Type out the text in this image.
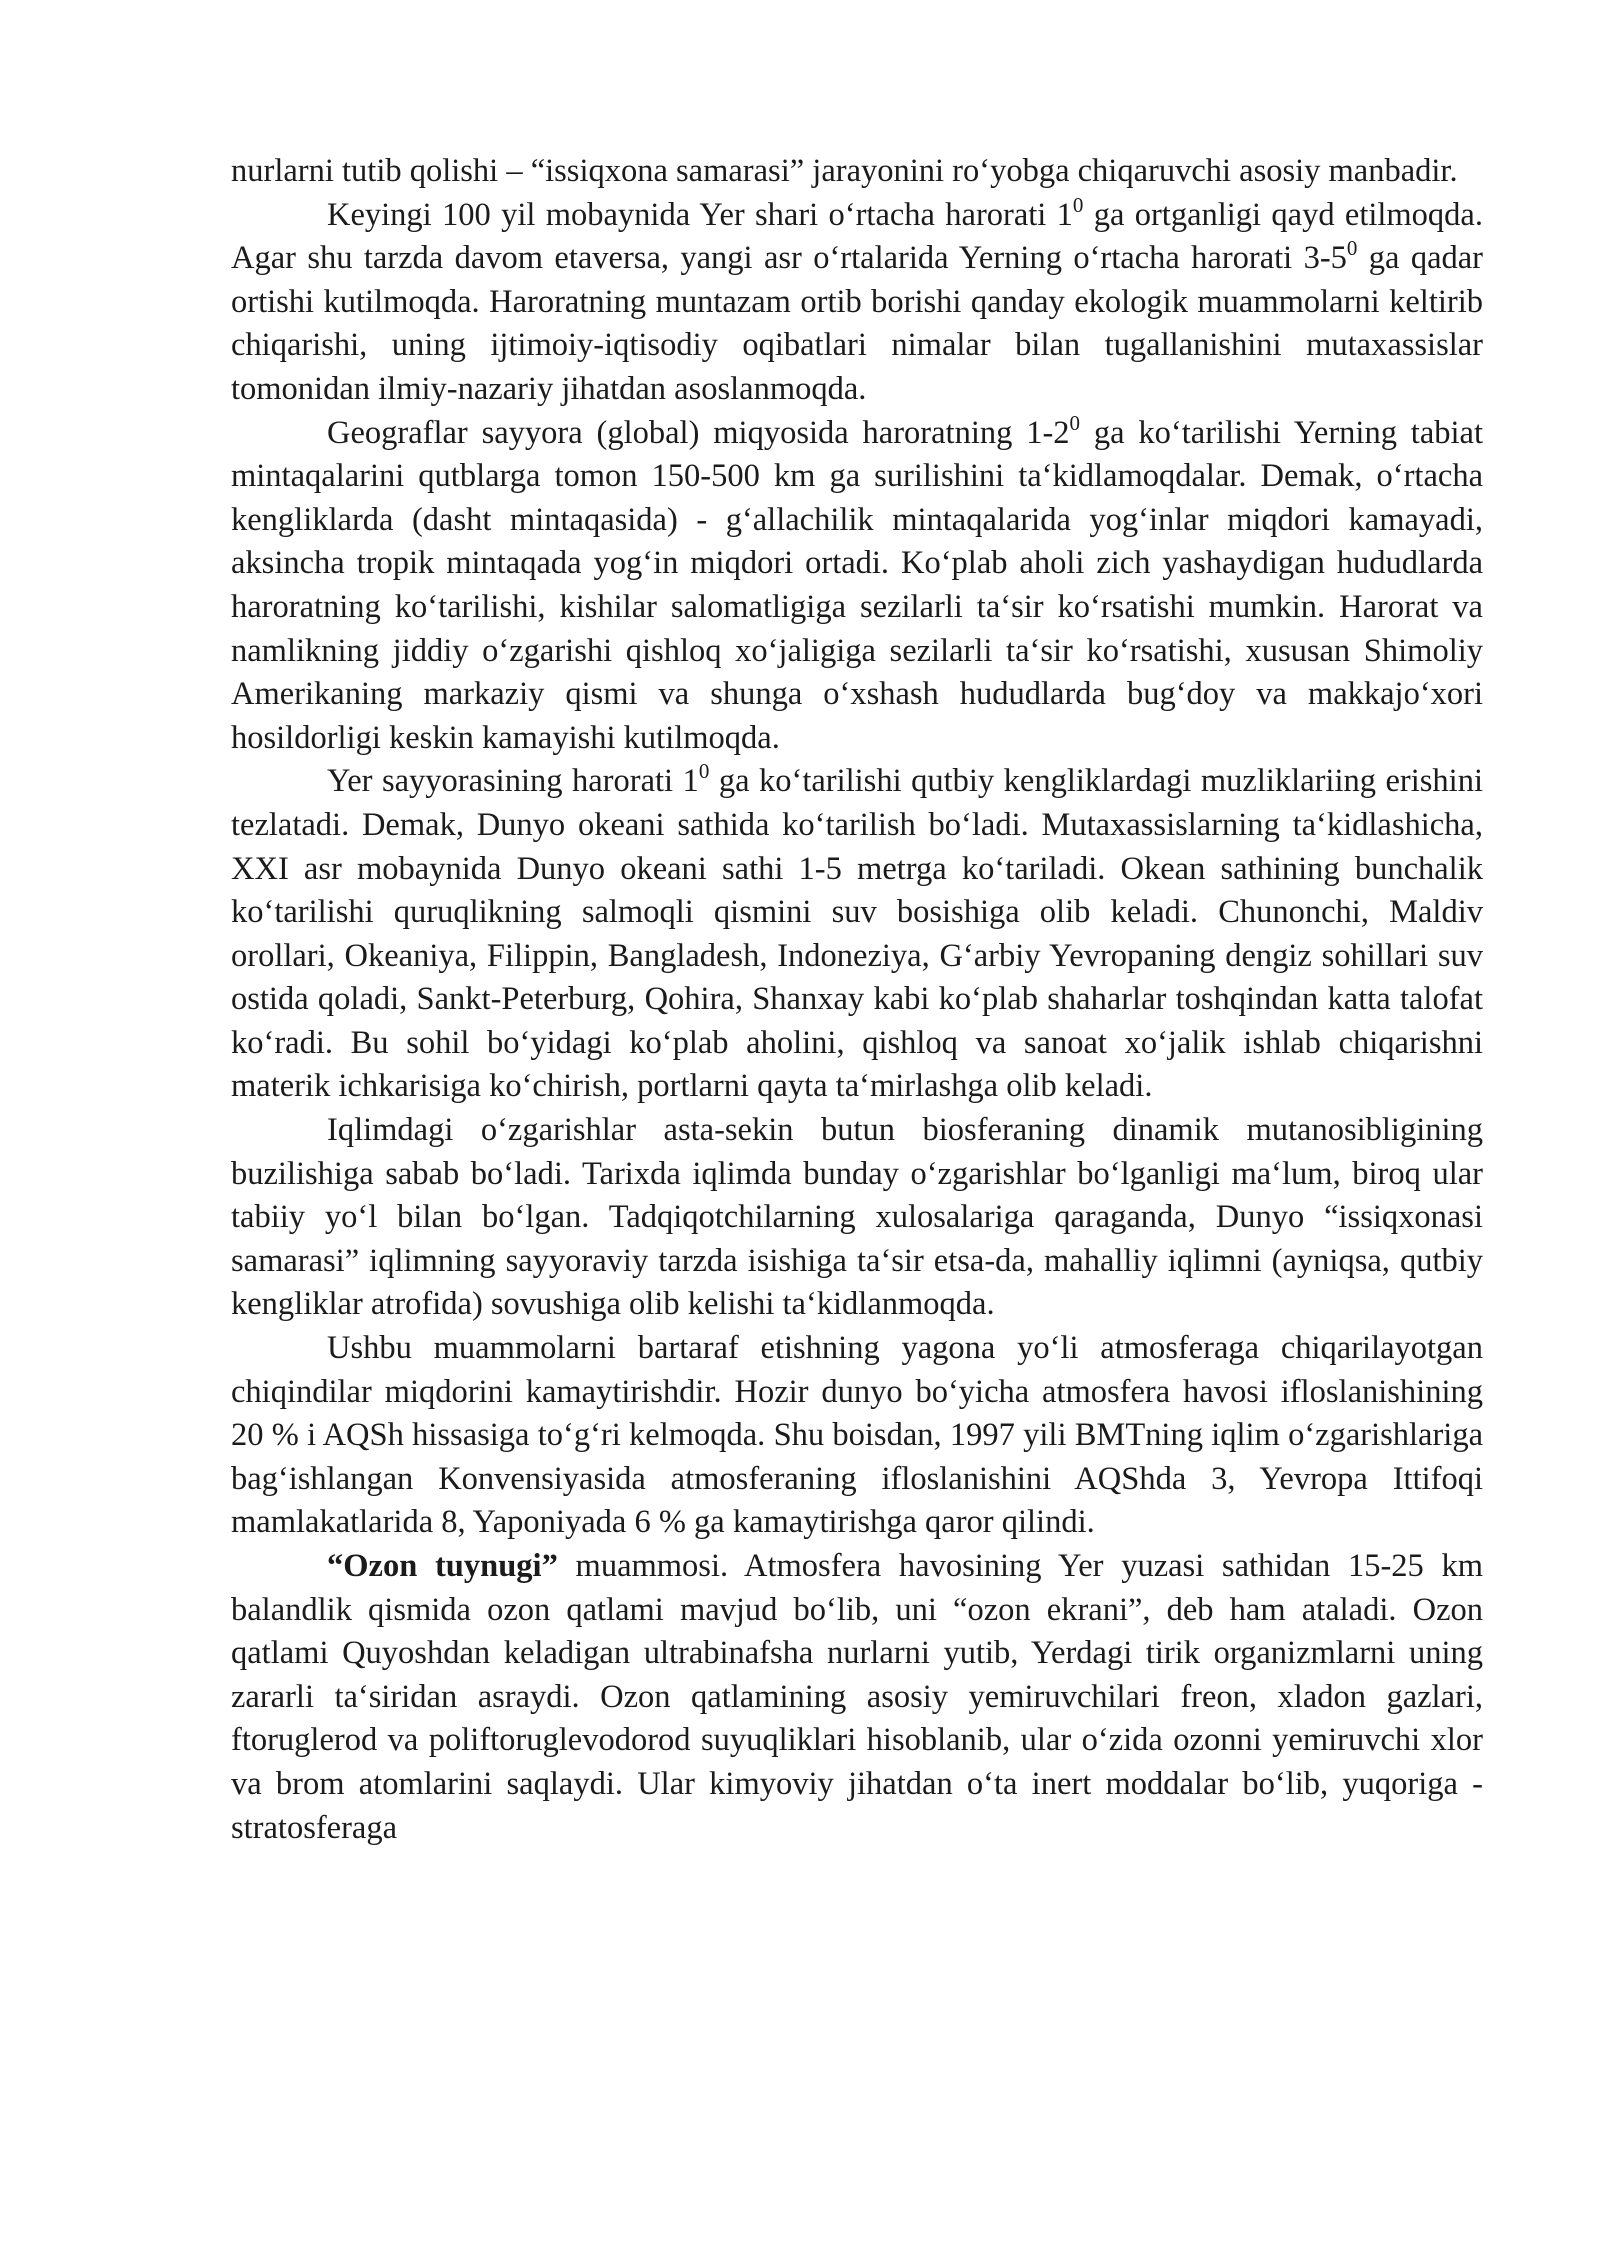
nurlarni tutib qolishi – “issiqxona samarasi” jarayonini ro‘yobga chiqaruvchi asosiy manbadir.

Keyingi 100 yil mobaynida Yer shari o‘rtacha harorati $1^0$ ga ortganligi qayd etilmoqda. Agar shu tarzda davom etaversa, yangi asr o‘rtalarida Yerning o‘rtacha harorati $3-5^0$ ga qadar ortishi kutilmoqda. Haroratning muntazam ortib borishi qanday ekologik muammolarni keltirib chiqarishi, uning ijtimoiy-iqtisodiy oqibatlari nimalar bilan tugallanishini mutaxassislar tomonidan ilmiy-nazariy jihatdan asoslanmoqda.

Geograflar sayyora (global) miqyosida haroratning $1-2^0$ ga ko‘tarilishi Yerning tabiat mintaqalarini qutblarga tomon 150-500 km ga surilishini ta‘kidlamoqdalar. Demak, o‘rtacha kengliklarda (dasht mintaqasida) - g‘allachilik mintaqalarida yog‘inlar miqdori kamayadi, aksincha tropik mintaqada yog‘in miqdori ortadi. Ko‘plab aholi zich yashaydigan hududlarda haroratning ko‘tarilishi, kishilar salomatligiga sezilarli ta‘sir ko‘rsatishi mumkin. Harorat va namlikning jiddiy o‘zgarishi qishloq xo‘jaligiga sezilarli ta‘sir ko‘rsatishi, xususan Shimoliy Amerikaning markaziy qismi va shunga o‘xshash hududlarda bug‘doy va makkajo‘xori hosildorligi keskin kamayishi kutilmoqda.

Yer sayyorasining harorati $1^0$ ga ko‘tarilishi qutbiy kengliklardagi muzliklariing erishini tezlatadi. Demak, Dunyo okeani sathida ko‘tarilish bo‘ladi. Mutaxassislarning ta‘kidlashicha, XXI asr mobaynida Dunyo okeani sathi 1-5 metrga ko‘tariladi. Okean sathining bunchalik ko‘tarilishi quruqlikning salmoqli qismini suv bosishiga olib keladi. Chunonchi, Maldiv orollari, Okeaniya, Filippin, Bangladesh, Indoneziya, G‘arbiy Yevropaning dengiz sohillari suv ostida qoladi, Sankt-Peterburg, Qohira, Shanxay kabi ko‘plab shaharlar toshqindan katta talofat ko‘radi. Bu sohil bo‘yidagi ko‘plab aholini, qishloq va sanoat xo‘jalik ishlab chiqarishni materik ichkarisiga ko‘chirish, portlarni qayta ta‘mirlashga olib keladi.

Iqlimdagi o‘zgarishlar asta-sekin butun biosferaning dinamik mutanosibligining buzilishiga sabab bo‘ladi. Tarixda iqlimda bunday o‘zgarishlar bo‘lganligi ma‘lum, biroq ular tabiiy yo‘l bilan bo‘lgan. Tadqiqotchilarning xulosalariga qaraganda, Dunyo “issiqxonasi samarasi” iqlimning sayyoraviy tarzda isishiga ta‘sir etsa-da, mahalliy iqlimni (ayniqsa, qutbiy kengliklar atrofida) sovushiga olib kelishi ta‘kidlanmoqda.

Ushbu muammolarni bartaraf etishning yagona yo‘li atmosferaga chiqarilayotgan chiqindilar miqdorini kamaytirishdir. Hozir dunyo bo‘yicha atmosfera havosi ifloslanishining 20 % i AQSh hissasiga to‘g‘ri kelmoqda. Shu boisdan, 1997 yili BMTning iqlim o‘zgarishlariga bag‘ishlangan Konvensiyasida atmosferaning ifloslanishini AQShda 3, Yevropa Ittifoqi mamlakatlarida 8, Yaponiyada 6 % ga kamaytirishga qaror qilindi.

“Ozon tuynugi” muammosi. Atmosfera havosining Yer yuzasi sathidan 15-25 km balandlik qismida ozon qatlami mavjud bo‘lib, uni “ozon ekrani”, deb ham ataladi. Ozon qatlami Quyoshdan keladigan ultrabinafsha nurlarni yutib, Yerdagi tirik organizmlarni uning zararli ta‘siridan asraydi. Ozon qatlamining asosiy yemiruvchilari freon, xladon gazlari, ftoruglerod va poliftoruglevodorod suyuqliklari hisoblanib, ular o‘zida ozonni yemiruvchi xlor va brom atomlarini saqlaydi. Ular kimyoviy jihatdan o‘ta inert moddalar bo‘lib, yuqoriga - stratosferaga
